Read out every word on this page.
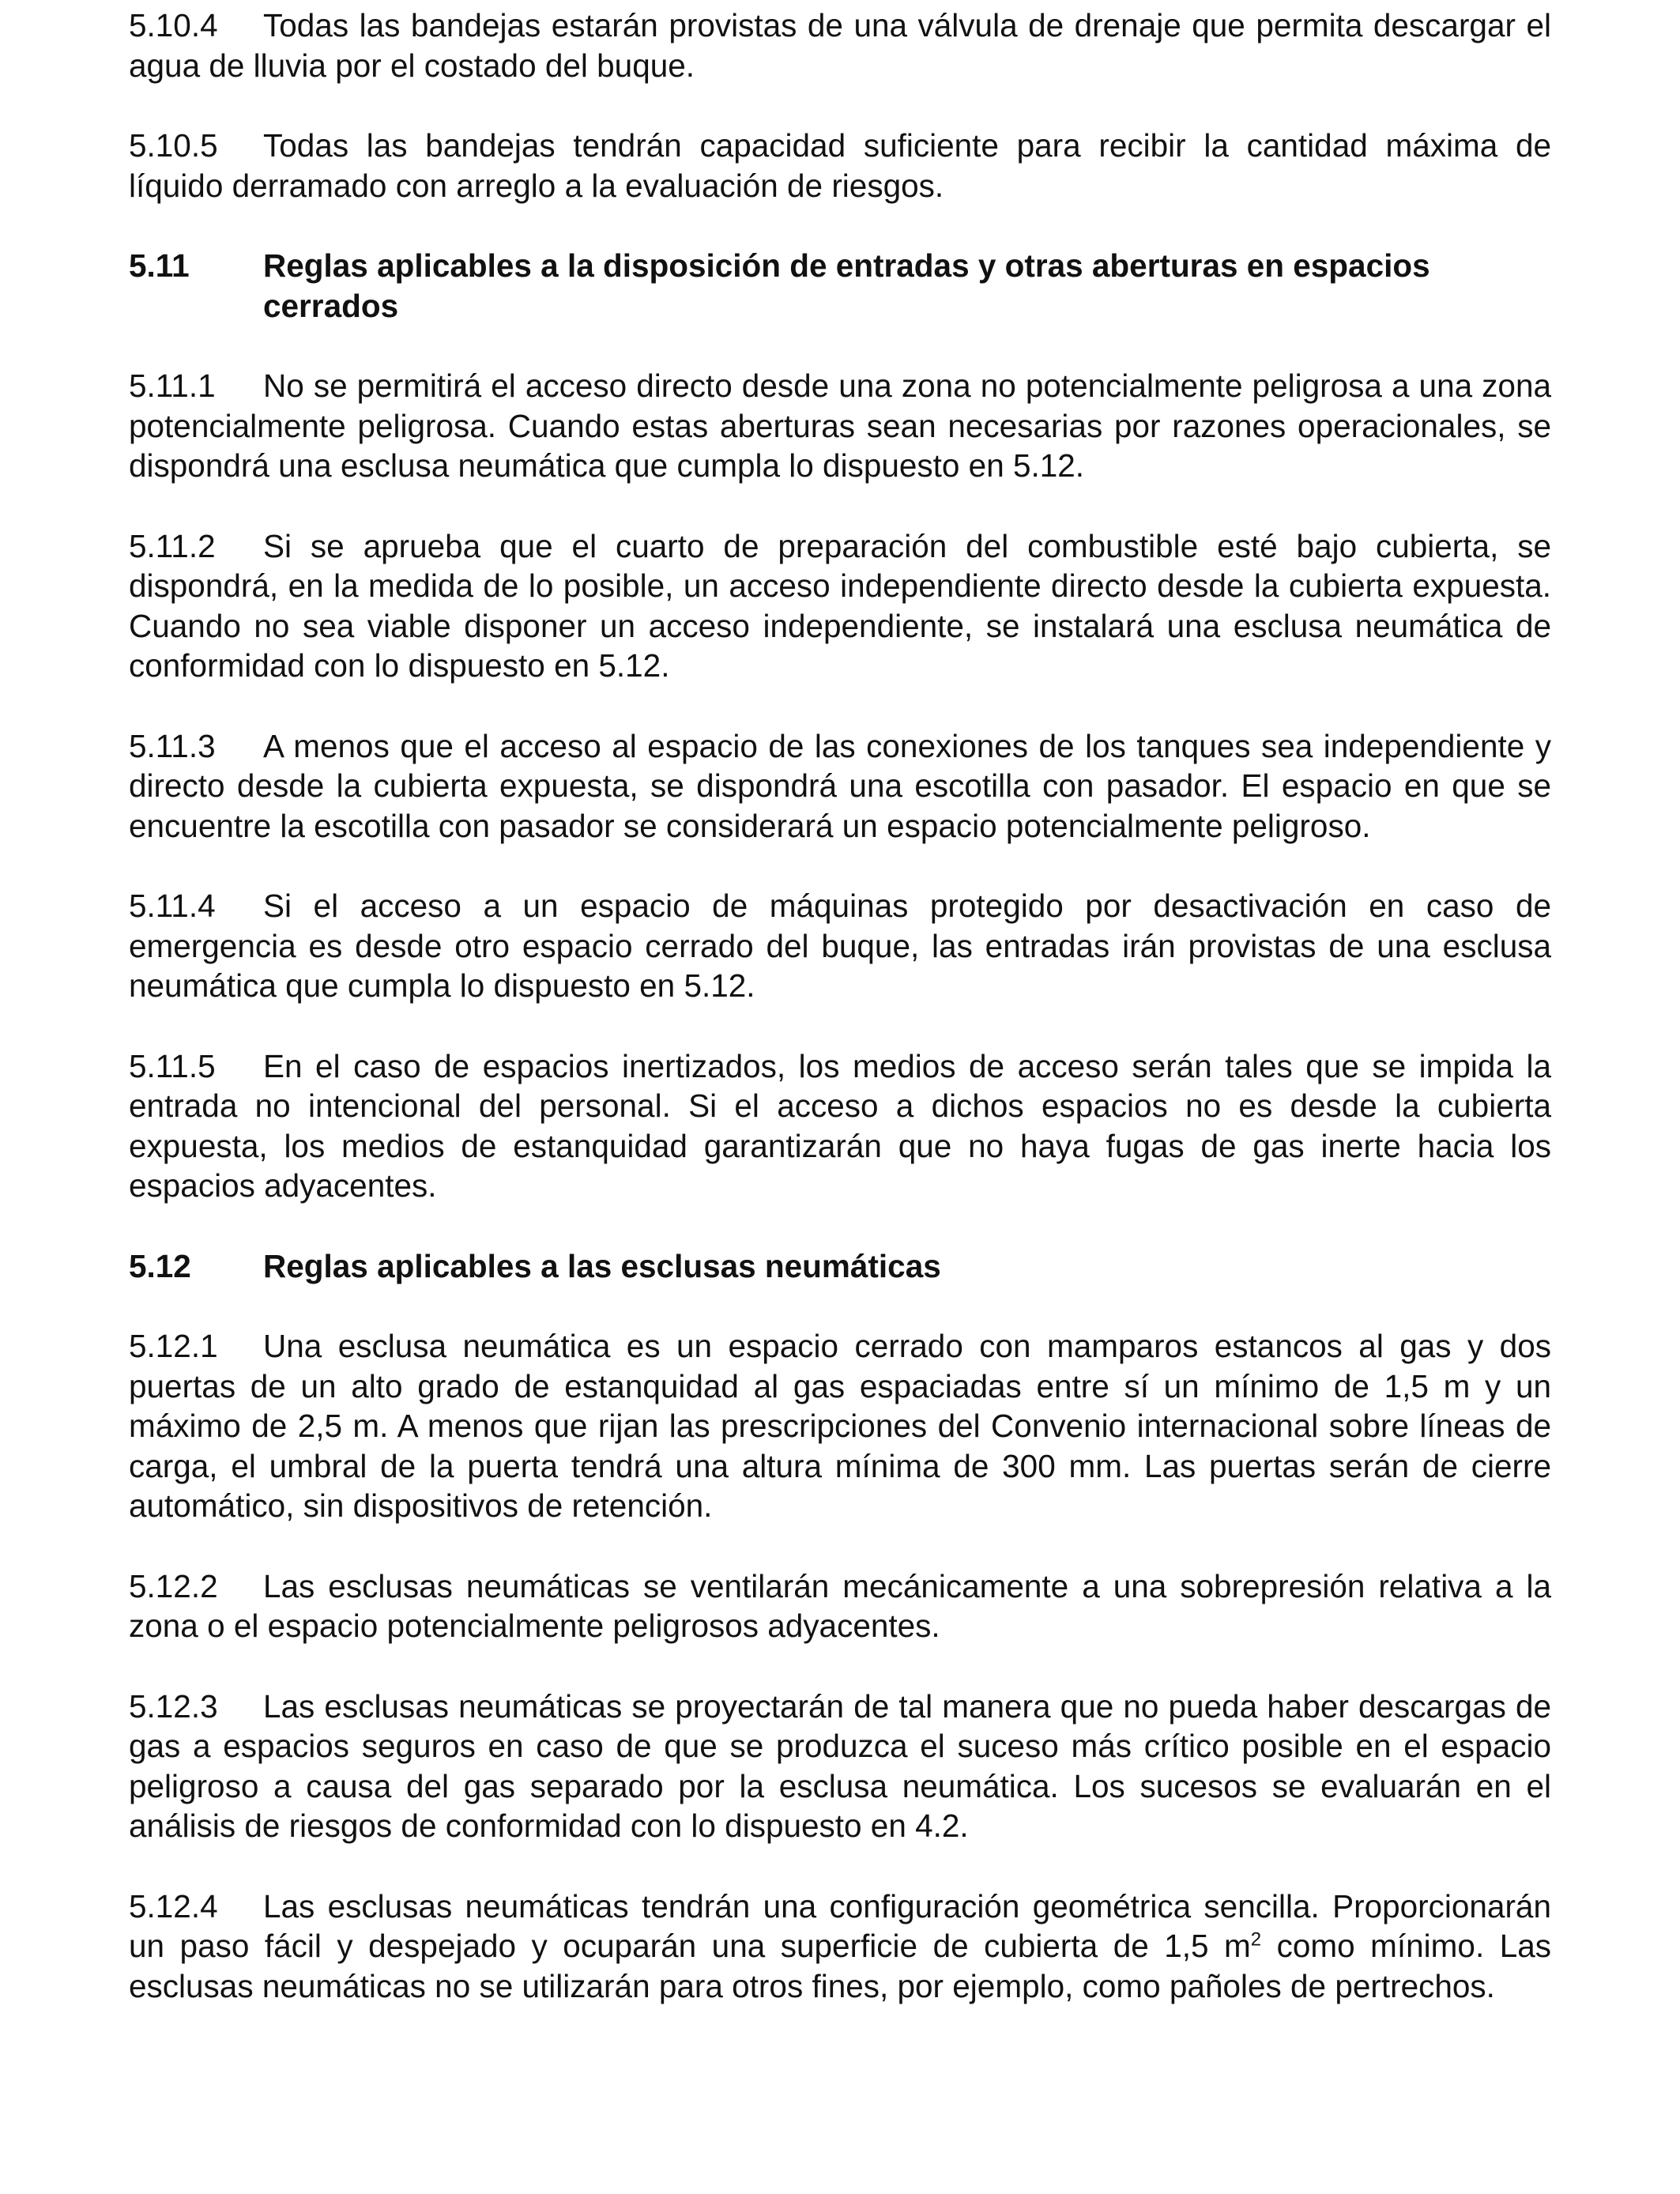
5.10.4 Todas las bandejas estarán provistas de una válvula de drenaje que permita descargar el agua de lluvia por el costado del buque.

5.10.5 Todas las bandejas tendrán capacidad suficiente para recibir la cantidad máxima de líquido derramado con arreglo a la evaluación de riesgos.

5.11 Reglas aplicables a la disposición de entradas y otras aberturas en espacios cerrados

5.11.1 No se permitirá el acceso directo desde una zona no potencialmente peligrosa a una zona potencialmente peligrosa. Cuando estas aberturas sean necesarias por razones operacionales, se dispondrá una esclusa neumática que cumpla lo dispuesto en 5.12.

5.11.2 Si se aprueba que el cuarto de preparación del combustible esté bajo cubierta, se dispondrá, en la medida de lo posible, un acceso independiente directo desde la cubierta expuesta. Cuando no sea viable disponer un acceso independiente, se instalará una esclusa neumática de conformidad con lo dispuesto en 5.12.

5.11.3 A menos que el acceso al espacio de las conexiones de los tanques sea independiente y directo desde la cubierta expuesta, se dispondrá una escotilla con pasador. El espacio en que se encuentre la escotilla con pasador se considerará un espacio potencialmente peligroso.

5.11.4 Si el acceso a un espacio de máquinas protegido por desactivación en caso de emergencia es desde otro espacio cerrado del buque, las entradas irán provistas de una esclusa neumática que cumpla lo dispuesto en 5.12.

5.11.5 En el caso de espacios inertizados, los medios de acceso serán tales que se impida la entrada no intencional del personal. Si el acceso a dichos espacios no es desde la cubierta expuesta, los medios de estanquidad garantizarán que no haya fugas de gas inerte hacia los espacios adyacentes.

5.12 Reglas aplicables a las esclusas neumáticas

5.12.1 Una esclusa neumática es un espacio cerrado con mamparos estancos al gas y dos puertas de un alto grado de estanquidad al gas espaciadas entre sí un mínimo de 1,5 m y un máximo de 2,5 m. A menos que rijan las prescripciones del Convenio internacional sobre líneas de carga, el umbral de la puerta tendrá una altura mínima de 300 mm. Las puertas serán de cierre automático, sin dispositivos de retención.

5.12.2 Las esclusas neumáticas se ventilarán mecánicamente a una sobrepresión relativa a la zona o el espacio potencialmente peligrosos adyacentes.

5.12.3 Las esclusas neumáticas se proyectarán de tal manera que no pueda haber descargas de gas a espacios seguros en caso de que se produzca el suceso más crítico posible en el espacio peligroso a causa del gas separado por la esclusa neumática. Los sucesos se evaluarán en el análisis de riesgos de conformidad con lo dispuesto en 4.2.

5.12.4 Las esclusas neumáticas tendrán una configuración geométrica sencilla. Proporcionarán un paso fácil y despejado y ocuparán una superficie de cubierta de 1,5 $m^2$ como mínimo. Las esclusas neumáticas no se utilizarán para otros fines, por ejemplo, como pañoles de pertrechos.
